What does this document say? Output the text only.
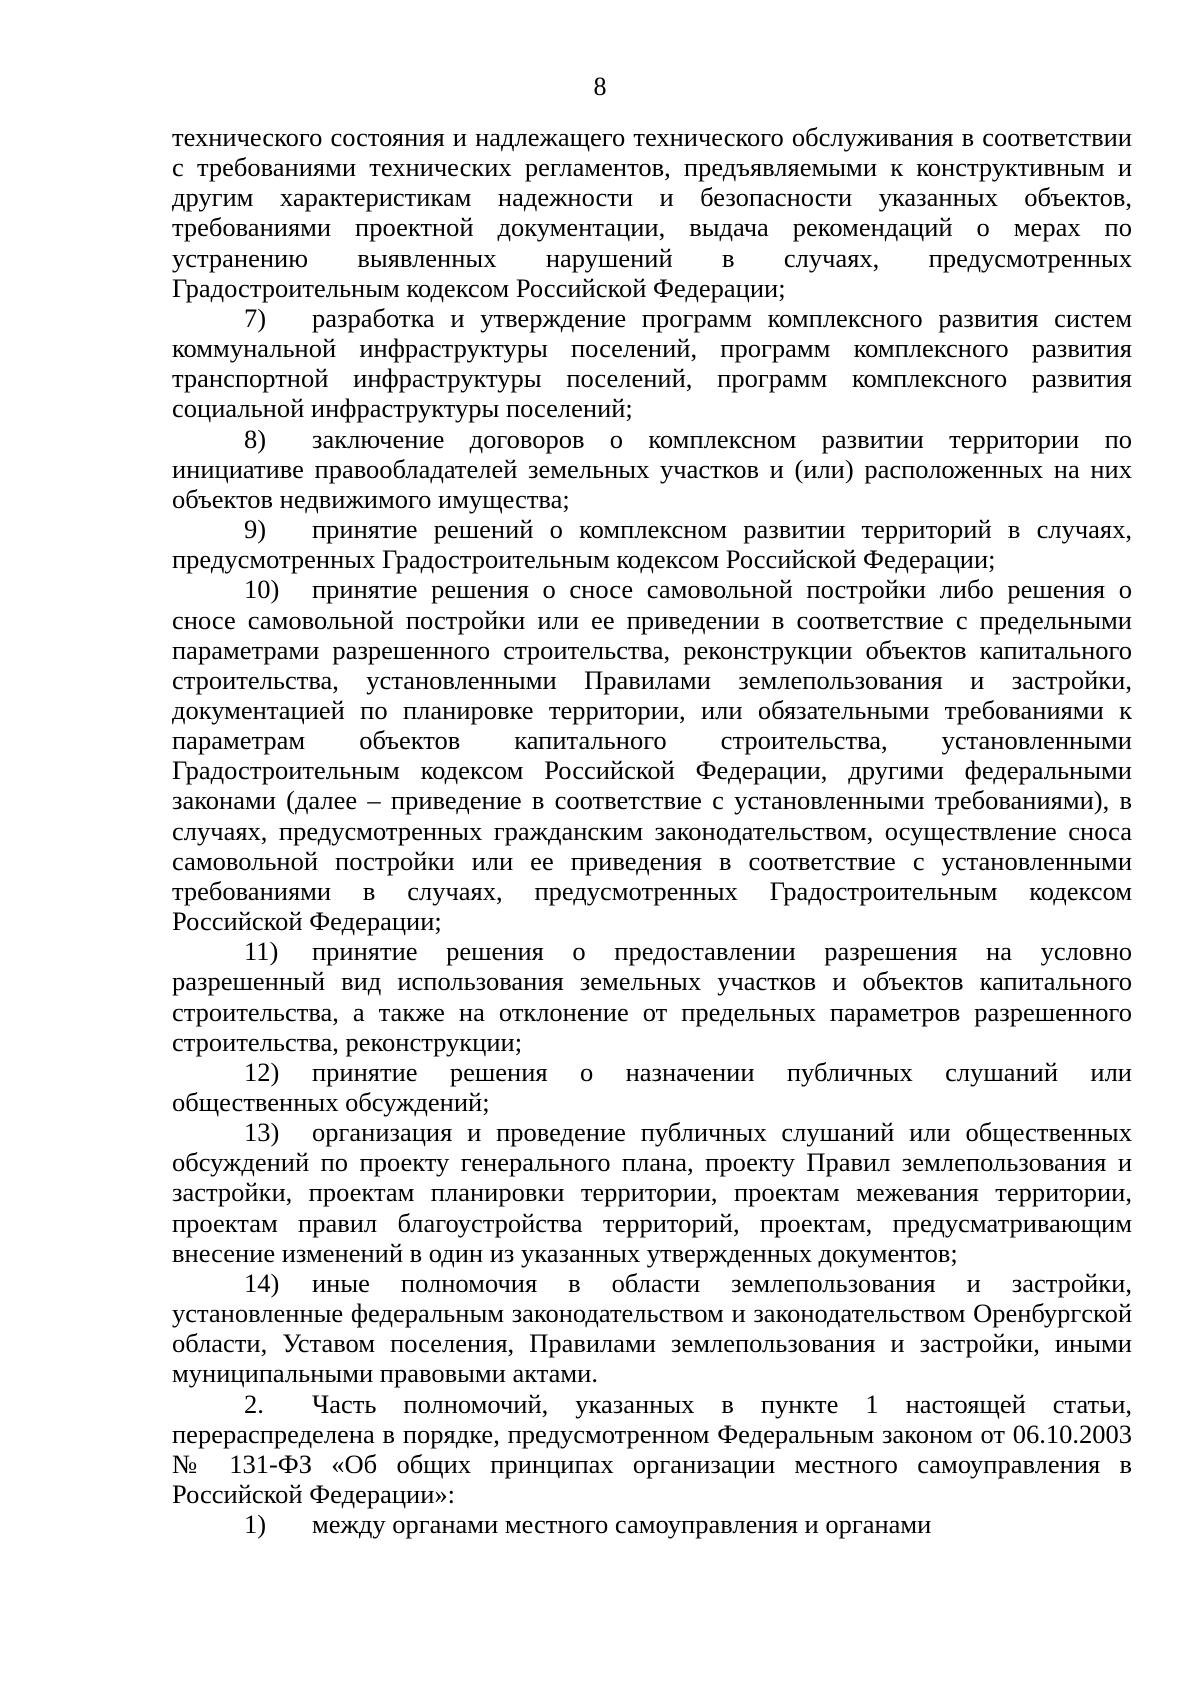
8

технического состояния и надлежащего технического обслуживания в соответствии с требованиями технических регламентов, предъявляемыми к конструктивным и другим характеристикам надежности и безопасности указанных объектов, требованиями проектной документации, выдача рекомендаций о мерах по устранению выявленных нарушений в случаях, предусмотренных Градостроительным кодексом Российской Федерации;

7) разработка и утверждение программ комплексного развития систем коммунальной инфраструктуры поселений, программ комплексного развития транспортной инфраструктуры поселений, программ комплексного развития социальной инфраструктуры поселений;

8) заключение договоров о комплексном развитии территории по инициативе правообладателей земельных участков и (или) расположенных на них объектов недвижимого имущества;

9) принятие решений о комплексном развитии территорий в случаях, предусмотренных Градостроительным кодексом Российской Федерации;

10) принятие решения о сносе самовольной постройки либо решения о сносе самовольной постройки или ее приведении в соответствие с предельными параметрами разрешенного строительства, реконструкции объектов капитального строительства, установленными Правилами землепользования и застройки, документацией по планировке территории, или обязательными требованиями к параметрам объектов капитального строительства, установленными Градостроительным кодексом Российской Федерации, другими федеральными законами (далее – приведение в соответствие с установленными требованиями), в случаях, предусмотренных гражданским законодательством, осуществление сноса самовольной постройки или ее приведения в соответствие с установленными требованиями в случаях, предусмотренных Градостроительным кодексом Российской Федерации;

11) принятие решения о предоставлении разрешения на условно разрешенный вид использования земельных участков и объектов капитального строительства, а также на отклонение от предельных параметров разрешенного строительства, реконструкции;

12) принятие решения о назначении публичных слушаний или общественных обсуждений;

13) организация и проведение публичных слушаний или общественных обсуждений по проекту генерального плана, проекту Правил землепользования и застройки, проектам планировки территории, проектам межевания территории, проектам правил благоустройства территорий, проектам, предусматривающим внесение изменений в один из указанных утвержденных документов;

14) иные полномочия в области землепользования и застройки, установленные федеральным законодательством и законодательством Оренбургской области, Уставом поселения, Правилами землепользования и застройки, иными муниципальными правовыми актами.

2. Часть полномочий, указанных в пункте 1 настоящей статьи, перераспределена в порядке, предусмотренном Федеральным законом от 06.10.2003 № 131-ФЗ «Об общих принципах организации местного самоуправления в Российской Федерации»:

1) между органами местного самоуправления и органами
